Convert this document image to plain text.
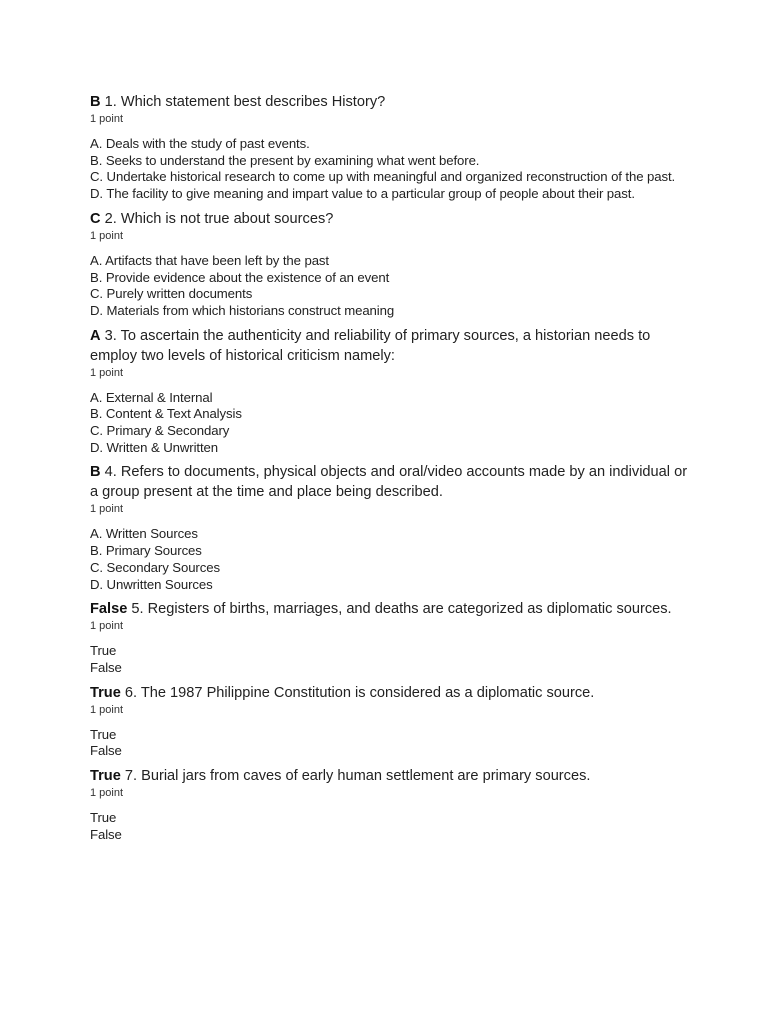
B 1. Which statement best describes History?
1 point
A. Deals with the study of past events.
B. Seeks to understand the present by examining what went before.
C. Undertake historical research to come up with meaningful and organized reconstruction of the past.
D. The facility to give meaning and impart value to a particular group of people about their past.
C 2. Which is not true about sources?
1 point
A. Artifacts that have been left by the past
B. Provide evidence about the existence of an event
C. Purely written documents
D. Materials from which historians construct meaning
A 3. To ascertain the authenticity and reliability of primary sources, a historian needs to employ two levels of historical criticism namely:
1 point
A. External & Internal
B. Content & Text Analysis
C. Primary & Secondary
D. Written & Unwritten
B 4. Refers to documents, physical objects and oral/video accounts made by an individual or a group present at the time and place being described.
1 point
A. Written Sources
B. Primary Sources
C. Secondary Sources
D. Unwritten Sources
False 5. Registers of births, marriages, and deaths are categorized as diplomatic sources.
1 point
True
False
True 6. The 1987 Philippine Constitution is considered as a diplomatic source.
1 point
True
False
True 7. Burial jars from caves of early human settlement are primary sources.
1 point
True
False
